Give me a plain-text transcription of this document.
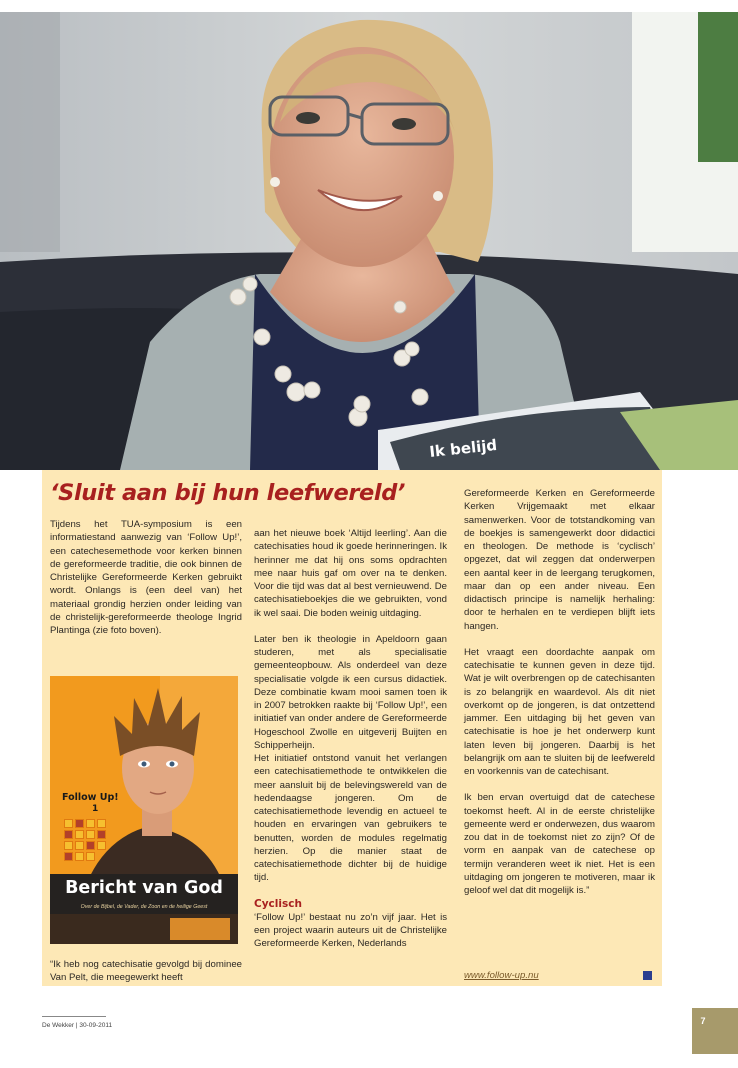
Ik belijd
‘Sluit aan bij hun leefwereld’

Tijdens het TUA-symposium is een informatiestand aanwezig van ‘Follow Up!’, een catechesemethode voor kerken binnen de gereformeerde traditie, die ook binnen de Christelijke Gereformeerde Kerken gebruikt wordt. Onlangs is (een deel van) het materiaal grondig herzien onder leiding van de christelijk-gereformeerde theologe Ingrid Plantinga (zie foto boven).

Follow Up!
1
Bericht van God
Over de Bijbel, de Vader, de Zoon en de heilige Geest

“Ik heb nog catechisatie gevolgd bij dominee Van Pelt, die meegewerkt heeft

aan het nieuwe boek ‘Altijd leerling’. Aan die catechisaties houd ik goede herinneringen. Ik herinner me dat hij ons soms opdrachten mee naar huis gaf om over na te denken. Voor die tijd was dat al best vernieuwend. De catechisatieboekjes die we gebruikten, vond ik wel saai. Die boden weinig uitdaging.

Later ben ik theologie in Apeldoorn gaan studeren, met als specialisatie gemeenteopbouw. Als onderdeel van deze specialisatie volgde ik een cursus didactiek. Deze combinatie kwam mooi samen toen ik in 2007 betrokken raakte bij ‘Follow Up!’, een initiatief van onder andere de Gereformeerde Hogeschool Zwolle en uitgeverij Buijten en Schipperheijn.

Het initiatief ontstond vanuit het verlangen een catechisatiemethode te ontwikkelen die meer aansluit bij de belevingswereld van de hedendaagse jongeren. Om de catechisatiemethode levendig en actueel te houden en ervaringen van gebruikers te benutten, worden de modules regelmatig herzien. Op die manier staat de catechisatiemethode dichter bij de huidige tijd.

Cyclisch

‘Follow Up!’ bestaat nu zo’n vijf jaar. Het is een project waarin auteurs uit de Christelijke Gereformeerde Kerken, Nederlands

Gereformeerde Kerken en Gereformeerde Kerken Vrijgemaakt met elkaar samenwerken. Voor de totstandkoming van de boekjes is samengewerkt door didactici en theologen. De methode is ‘cyclisch’ opgezet, dat wil zeggen dat onderwerpen een aantal keer in de leergang terugkomen, maar dan op een ander niveau. Een didactisch principe is namelijk herhaling: door te herhalen en te verdiepen blijft iets hangen.

Het vraagt een doordachte aanpak om catechisatie te kunnen geven in deze tijd. Wat je wilt overbrengen op de catechisanten is zo belangrijk en waardevol. Als dit niet overkomt op de jongeren, is dat ontzettend jammer. Een uitdaging bij het geven van catechisatie is hoe je het onderwerp kunt laten leven bij jongeren. Daarbij is het belangrijk om aan te sluiten bij de leefwereld en voorkennis van de catechisant.

Ik ben ervan overtuigd dat de catechese toekomst heeft. Al in de eerste christelijke gemeente werd er onderwezen, dus waarom zou dat in de toekomst niet zo zijn? Of de vorm en aanpak van de catechese op termijn veranderen weet ik niet. Het is een uitdaging om jongeren te motiveren, maar ik geloof wel dat dit mogelijk is.”

www.follow-up.nu
De Wekker | 30-09-2011	7
